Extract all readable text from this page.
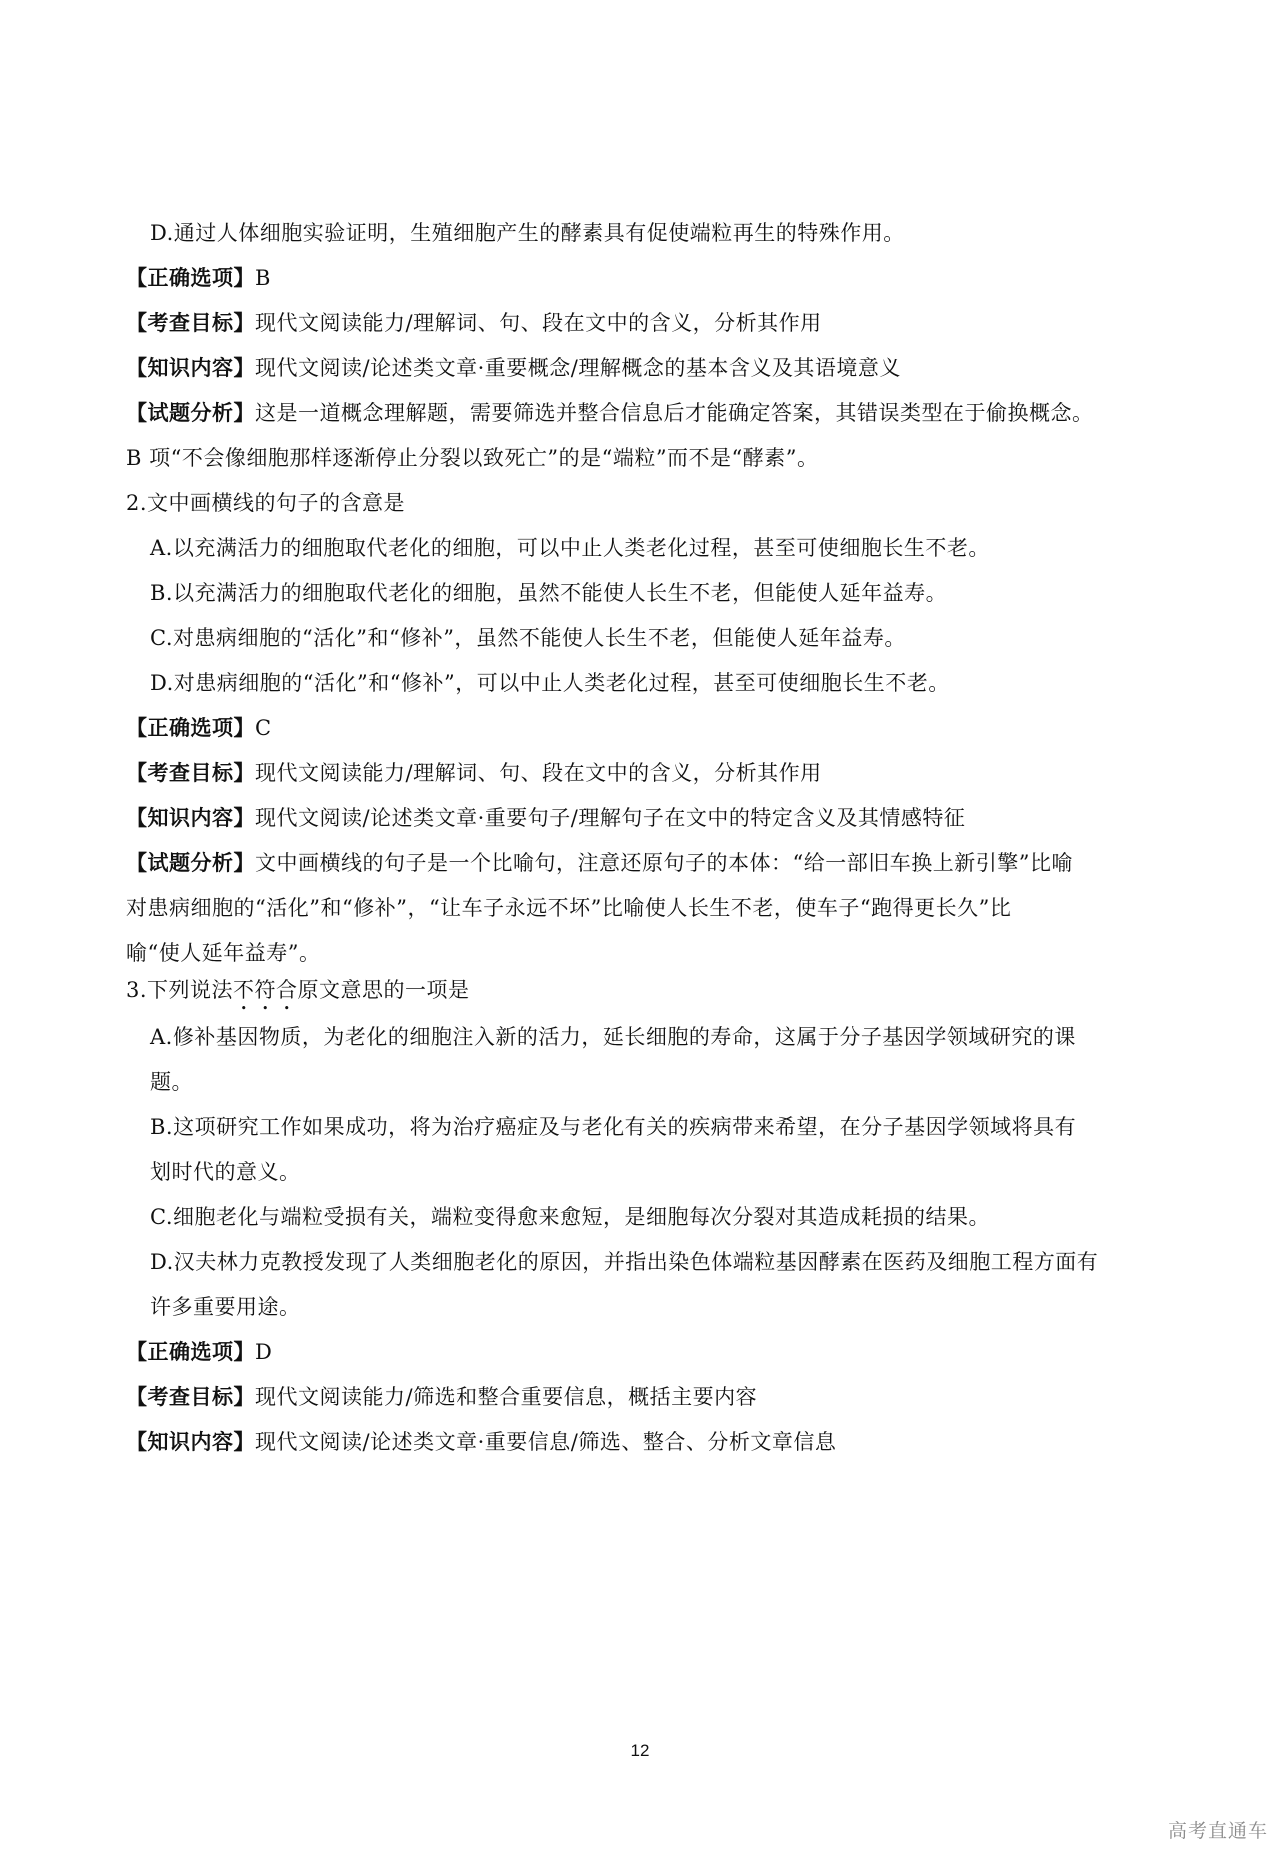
D.通过人体细胞实验证明，生殖细胞产生的酵素具有促使端粒再生的特殊作用。
【正确选项】B
【考查目标】现代文阅读能力/理解词、句、段在文中的含义，分析其作用
【知识内容】现代文阅读/论述类文章·重要概念/理解概念的基本含义及其语境意义
【试题分析】这是一道概念理解题，需要筛选并整合信息后才能确定答案，其错误类型在于偷换概念。
B 项“不会像细胞那样逐渐停止分裂以致死亡”的是“端粒”而不是“酵素”。
2.文中画横线的句子的含意是
A.以充满活力的细胞取代老化的细胞，可以中止人类老化过程，甚至可使细胞长生不老。
B.以充满活力的细胞取代老化的细胞，虽然不能使人长生不老，但能使人延年益寿。
C.对患病细胞的“活化”和“修补”，虽然不能使人长生不老，但能使人延年益寿。
D.对患病细胞的“活化”和“修补”，可以中止人类老化过程，甚至可使细胞长生不老。
【正确选项】C
【考查目标】现代文阅读能力/理解词、句、段在文中的含义，分析其作用
【知识内容】现代文阅读/论述类文章·重要句子/理解句子在文中的特定含义及其情感特征
【试题分析】文中画横线的句子是一个比喻句，注意还原句子的本体：“给一部旧车换上新引擎”比喻
对患病细胞的“活化”和“修补”，“让车子永远不坏”比喻使人长生不老，使车子“跑得更长久”比
喻“使人延年益寿”。
3.下列说法不符合原文意思的一项是
A.修补基因物质，为老化的细胞注入新的活力，延长细胞的寿命，这属于分子基因学领域研究的课
题。
B.这项研究工作如果成功，将为治疗癌症及与老化有关的疾病带来希望，在分子基因学领域将具有
划时代的意义。
C.细胞老化与端粒受损有关，端粒变得愈来愈短，是细胞每次分裂对其造成耗损的结果。
D.汉夫林力克教授发现了人类细胞老化的原因，并指出染色体端粒基因酵素在医药及细胞工程方面有
许多重要用途。
【正确选项】D
【考查目标】现代文阅读能力/筛选和整合重要信息，概括主要内容
【知识内容】现代文阅读/论述类文章·重要信息/筛选、整合、分析文章信息
12
高考直通车
